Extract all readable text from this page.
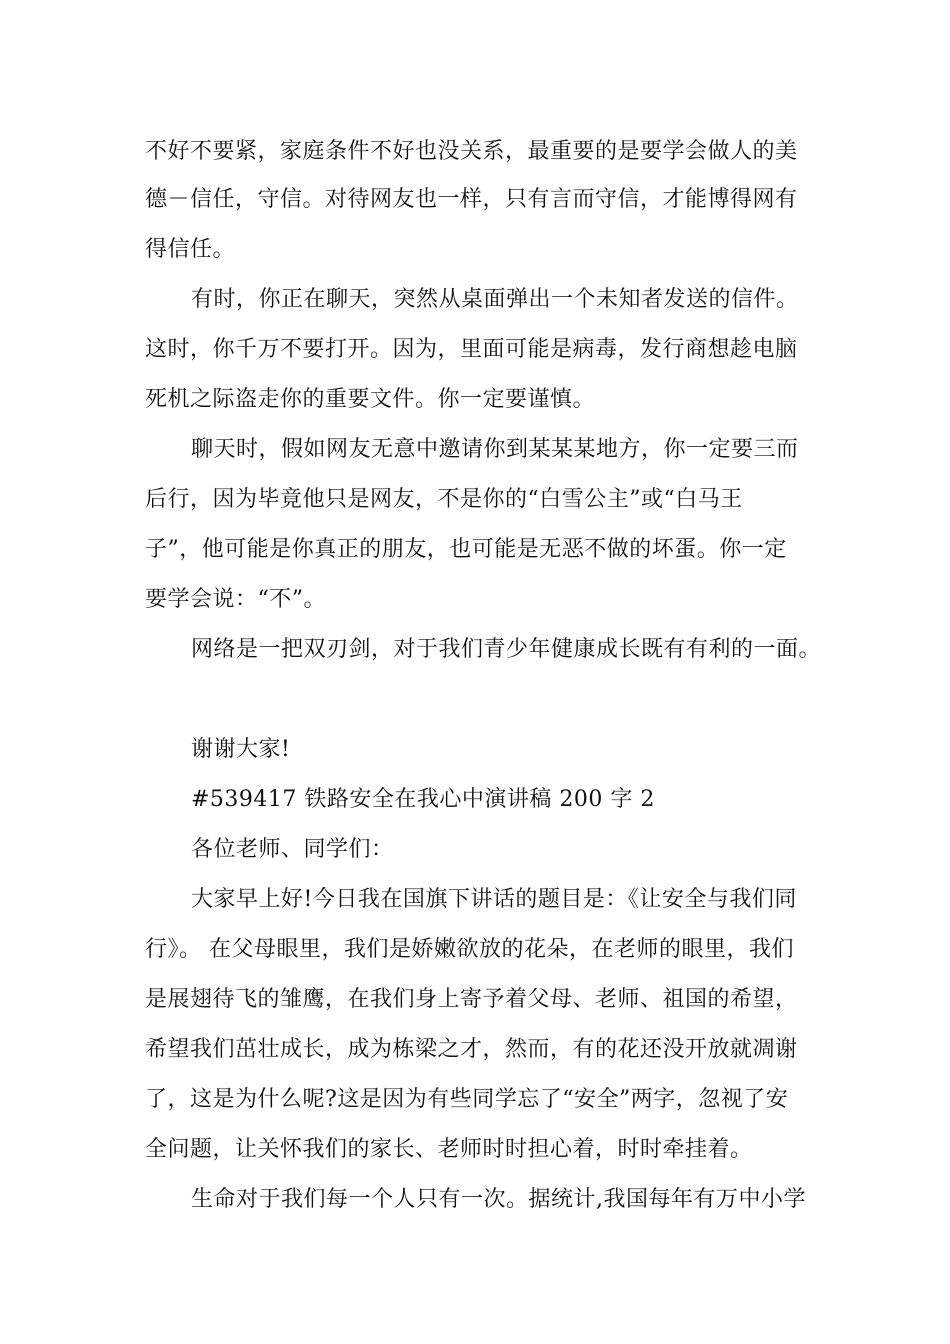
不好不要紧，家庭条件不好也没关系，最重要的是要学会做人的美
德－信任，守信。对待网友也一样，只有言而守信，才能博得网有
得信任。
有时，你正在聊天，突然从桌面弹出一个未知者发送的信件。
这时，你千万不要打开。因为，里面可能是病毒，发行商想趁电脑
死机之际盗走你的重要文件。你一定要谨慎。
聊天时，假如网友无意中邀请你到某某某地方，你一定要三而
后行，因为毕竟他只是网友，不是你的“白雪公主”或“白马王
子”，他可能是你真正的朋友，也可能是无恶不做的坏蛋。你一定
要学会说：“不”。
网络是一把双刃剑，对于我们青少年健康成长既有有利的一面。
谢谢大家!
#539417 铁路安全在我心中演讲稿 200 字 2
各位老师、同学们：
大家早上好!今日我在国旗下讲话的题目是：《让安全与我们同
行》。 在父母眼里，我们是娇嫩欲放的花朵，在老师的眼里，我们
是展翅待飞的雏鹰，在我们身上寄予着父母、老师、祖国的希望，
希望我们茁壮成长，成为栋梁之才，然而，有的花还没开放就凋谢
了，这是为什么呢?这是因为有些同学忘了“安全”两字，忽视了安
全问题，让关怀我们的家长、老师时时担心着，时时牵挂着。
生命对于我们每一个人只有一次。据统计,我国每年有万中小学
